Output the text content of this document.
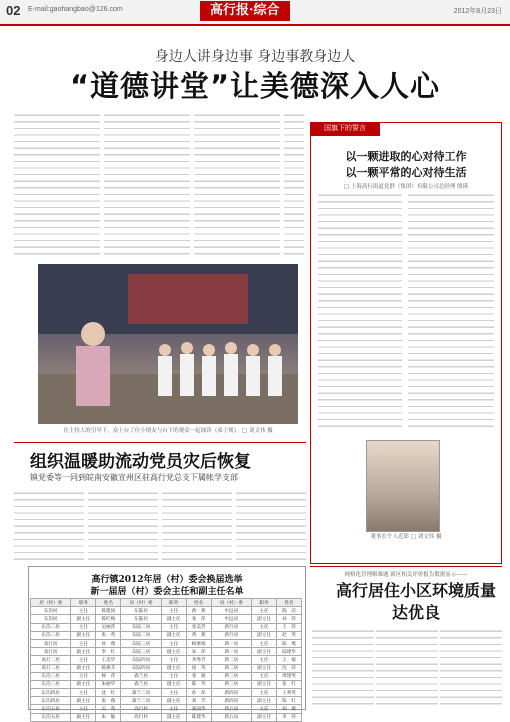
02 E-mail:gaohangbao@126.com	高行报·综合	2012年8月23日
身边人讲身边事 身边事教身边人
“道德讲堂”让美德深入人心
在主持人的引导下，众上台了位小朋友与台下的观众一起诵读《弟子规》。□ 刘文伟 摄
国旗下的誓言
以一颗进取的心对待工作
以一颗平常的心对待生活
□ 上海高行街道党群（集团）有限公司总经理 殷瑛
董事长个人近影 □ 刘文伟 摄
组织温暖助流动党员灾后恢复
镇党委等一同到皖南安徽宣州区驻高行党总支下属帐学支部
网格化管理解难题 新区相关评价报告数据显示——
高行居住小区环境质量达优良
高行镇2012年居（村）委会换届选举
新一届居（村）委会主任和副主任名单
居（村）委	职务	姓名	居（村）委	职务	姓名	居（村）委	职务	姓名
东沟居	主任	陈建国	东陆居	主任	俞　燕	中远居	主任	陈　洁
东沟居	副主任	陈红梅	东陆居	副主任	张　萍	中远居	副主任	孙　萍
东沟二居	主任	吴丽萍	东陆二居	主任	张美芳	新行居	主任	王　萍
东沟二居	副主任	张　英	东陆二居	副主任	黄　燕	新行居	副主任	赵　英
高行居	主任	孙　燕	东陆三居	主任	顾惠娟	新一居	主任	陈　燕
高行居	副主任	李　红	东陆三居	副主任	朱　萍	新一居	副主任	陆建华
高行二居	主任	王美华	东陆四居	主任	李秀芳	新二居	主任	王　菊
高行二居	副主任	陈惠芬	东陆四居	副主任	徐　英	新二居	副主任	沈　萍
东沟三居	主任	杨　萍	森兰居	主任	张　敏	新三居	主任	周建英
东沟三居	副主任	朱丽华	森兰居	副主任	陈　琴	新三居	副主任	张　红
东沟四居	主任	沈　红	森兰二居	主任	孙　萍	新四居	主任	王秀英
东沟四居	副主任	张　燕	森兰二居	副主任	刘　芳	新四居	副主任	陈　红
东沟五居	主任	吴　英	高行村	主任	张国华	新五居	主任	胡　燕
东沟五居	副主任	朱　敏	高行村	副主任	陈建华	新五居	副主任	李　萍
